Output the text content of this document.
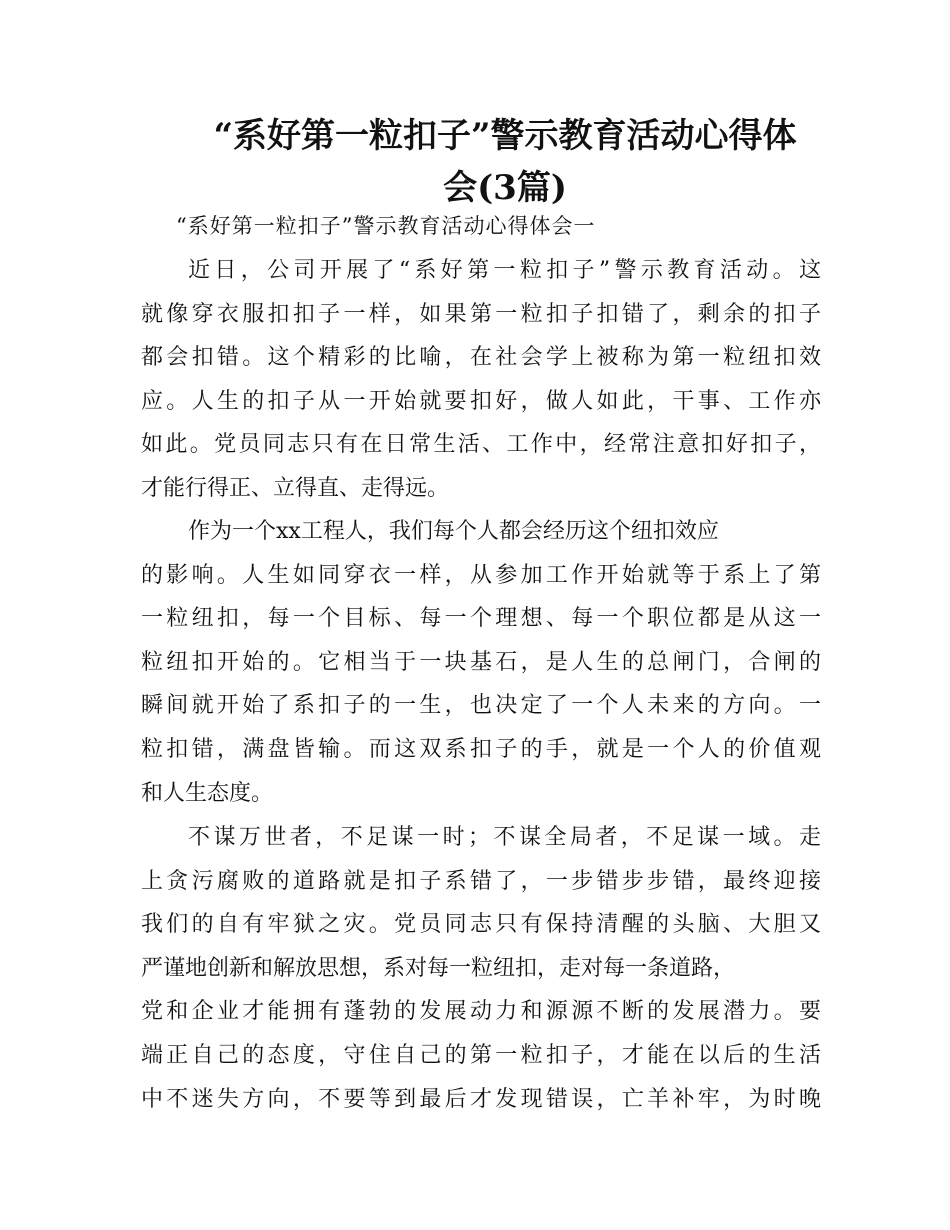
“系好第一粒扣子”警示教育活动心得体
会(3篇)

“系好第一粒扣子”警示教育活动心得体会一

近日，公司开展了“系好第一粒扣子”警示教育活动。这
就像穿衣服扣扣子一样，如果第一粒扣子扣错了，剩余的扣子
都会扣错。这个精彩的比喻，在社会学上被称为第一粒纽扣效
应。人生的扣子从一开始就要扣好，做人如此，干事、工作亦
如此。党员同志只有在日常生活、工作中，经常注意扣好扣子，
才能行得正、立得直、走得远。
作为一个xx工程人，我们每个人都会经历这个纽扣效应
的影响。人生如同穿衣一样，从参加工作开始就等于系上了第
一粒纽扣，每一个目标、每一个理想、每一个职位都是从这一
粒纽扣开始的。它相当于一块基石，是人生的总闸门，合闸的
瞬间就开始了系扣子的一生，也决定了一个人未来的方向。一
粒扣错，满盘皆输。而这双系扣子的手，就是一个人的价值观
和人生态度。
不谋万世者，不足谋一时；不谋全局者，不足谋一域。走
上贪污腐败的道路就是扣子系错了，一步错步步错，最终迎接
我们的自有牢狱之灾。党员同志只有保持清醒的头脑、大胆又
严谨地创新和解放思想，系对每一粒纽扣，走对每一条道路，
党和企业才能拥有蓬勃的发展动力和源源不断的发展潜力。要
端正自己的态度，守住自己的第一粒扣子，才能在以后的生活
中不迷失方向，不要等到最后才发现错误，亡羊补牢，为时晚
